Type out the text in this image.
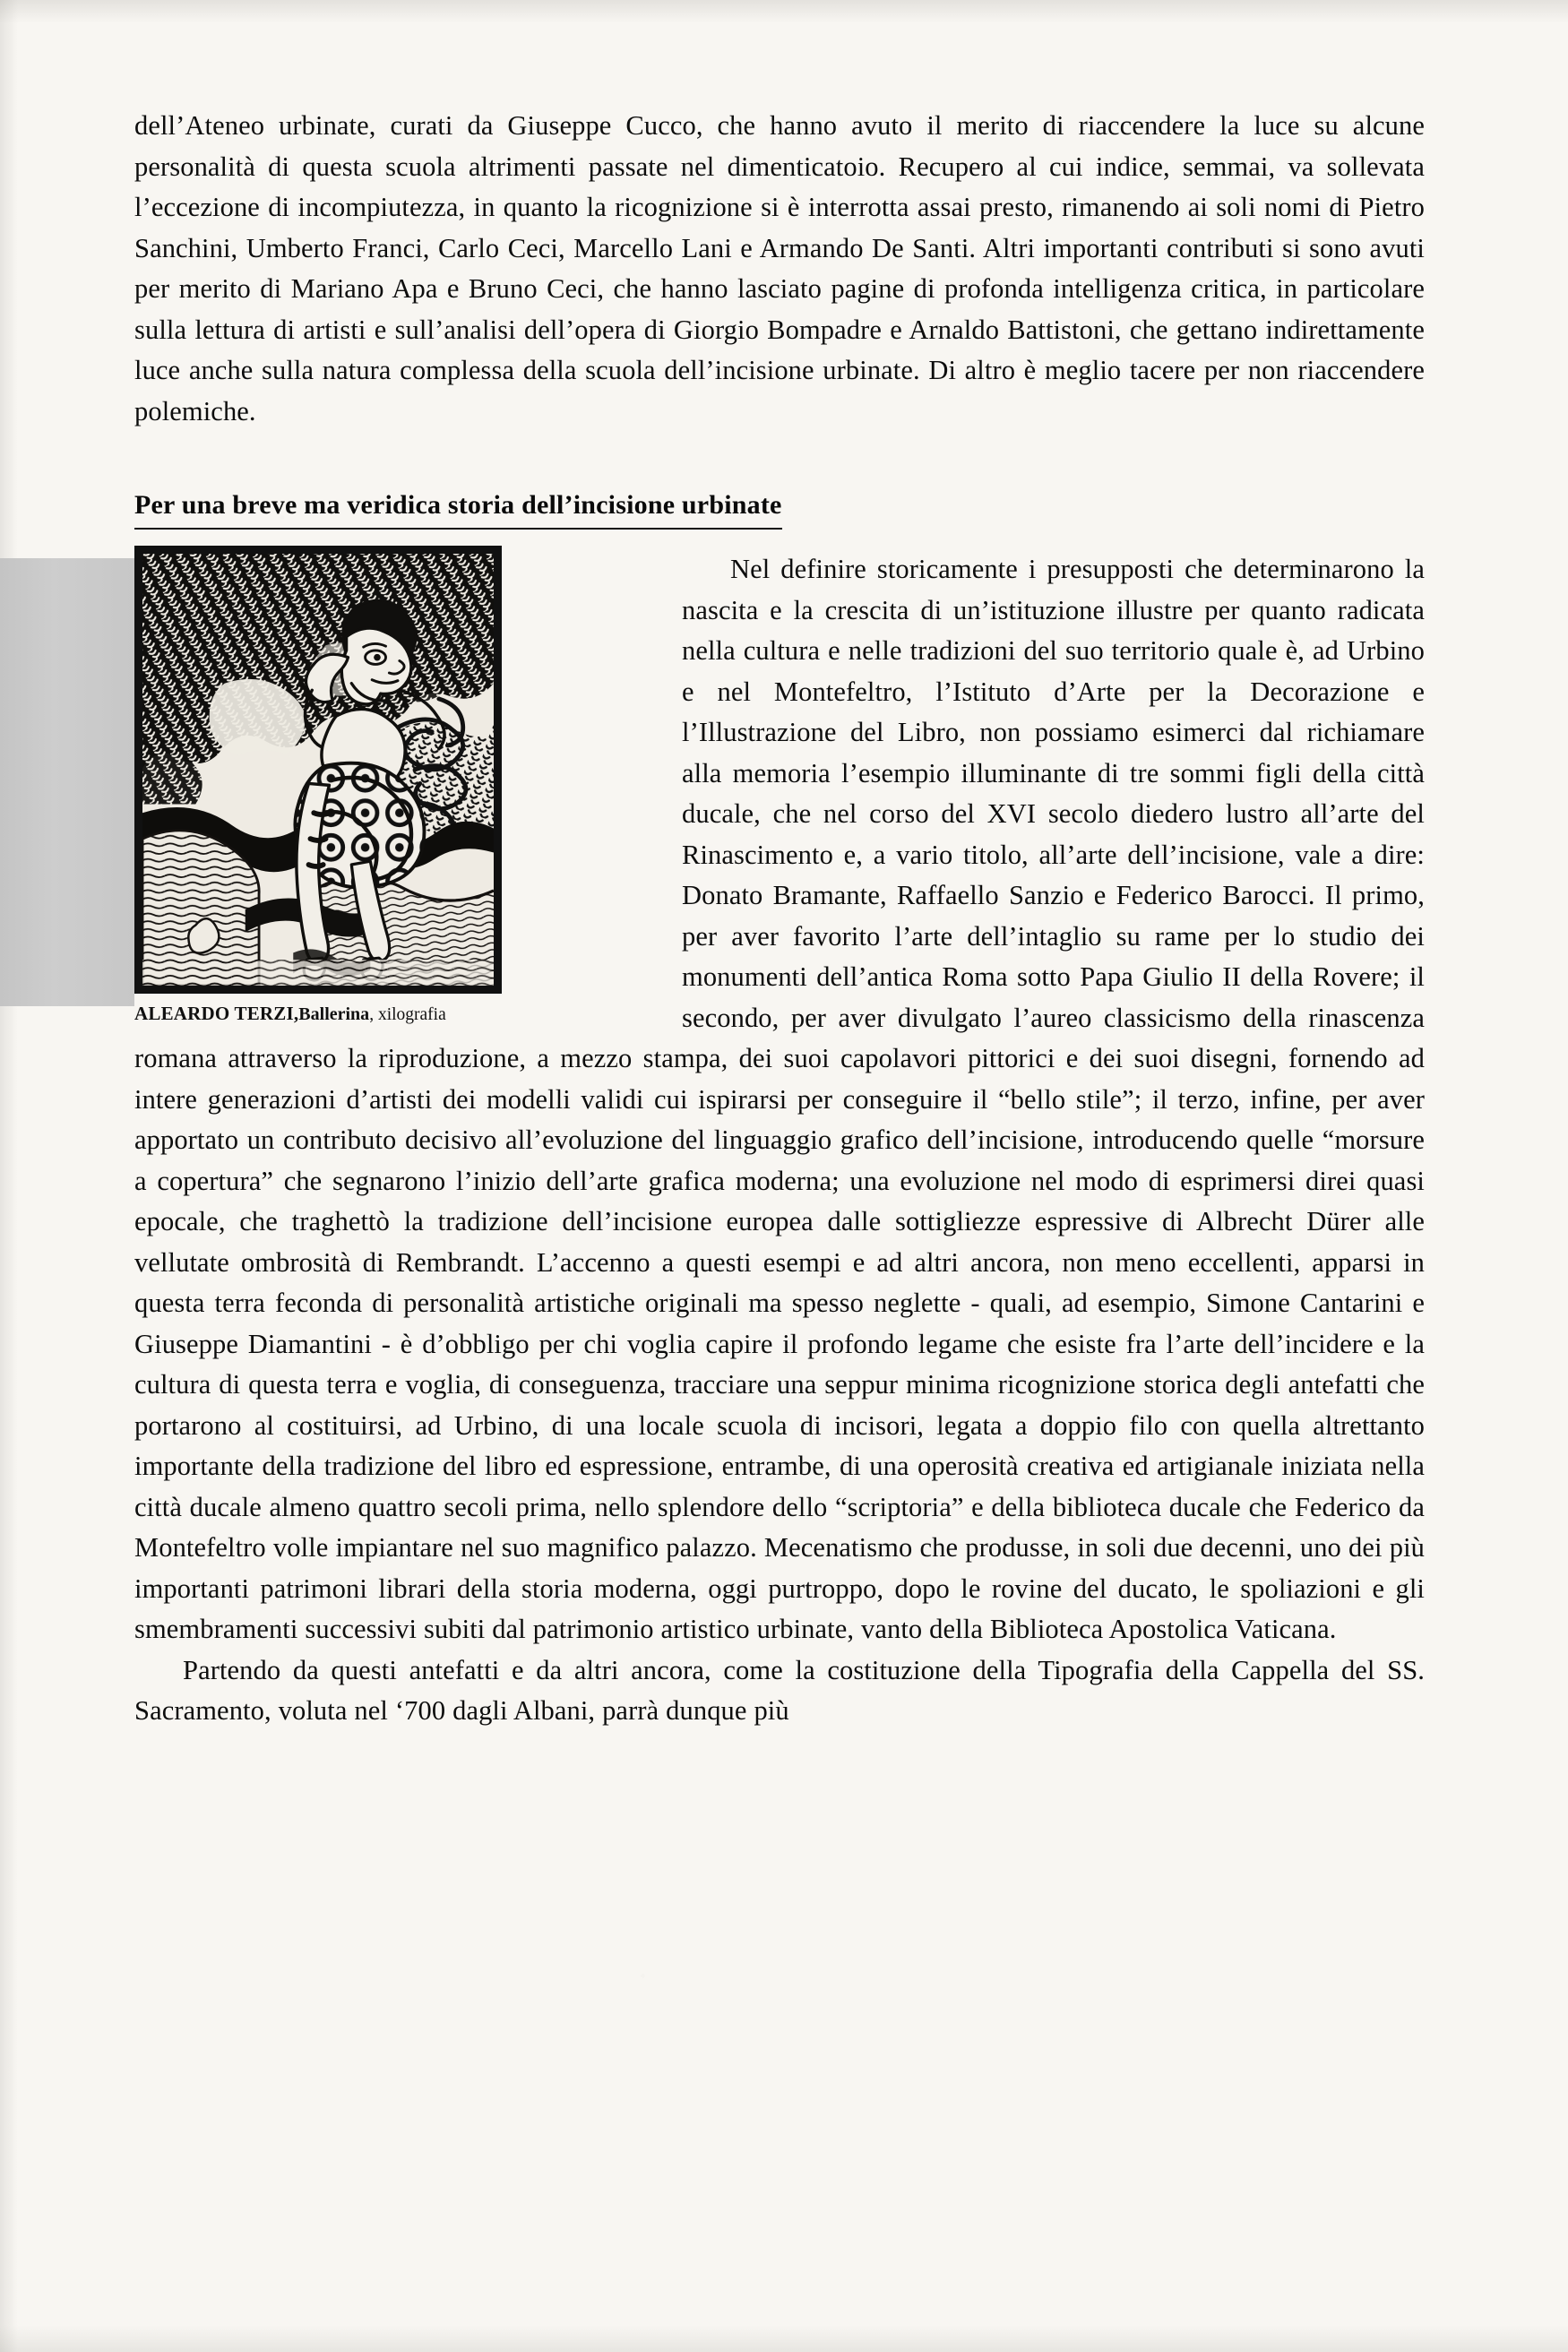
dell’Ateneo urbinate, curati da Giuseppe Cucco, che hanno avuto il merito di riaccendere la luce su alcune personalità di questa scuola altrimenti passate nel dimenticatoio. Recupero al cui indice, semmai, va sollevata l’eccezione di incompiutezza, in quanto la ricognizione si è interrotta assai presto, rimanendo ai soli nomi di Pietro Sanchini, Umberto Franci, Carlo Ceci, Marcello Lani e Armando De Santi. Altri importanti contributi si sono avuti per merito di Mariano Apa e Bruno Ceci, che hanno lasciato pagine di profonda intelligenza critica, in particolare sulla lettura di artisti e sull’analisi dell’opera di Giorgio Bompadre e Arnaldo Battistoni, che gettano indirettamente luce anche sulla natura complessa della scuola dell’incisione urbinate. Di altro è meglio tacere per non riaccendere polemiche.

Per una breve ma veridica storia dell’incisione urbinate
ALEARDO TERZI,Ballerina, xilografia

Nel definire storicamente i presupposti che determinarono la nascita e la crescita di un’istituzione illustre per quanto radicata nella cultura e nelle tradizioni del suo territorio quale è, ad Urbino e nel Montefeltro, l’Istituto d’Arte per la Decorazione e l’Illustrazione del Libro, non possiamo esimerci dal richiamare alla memoria l’esempio illuminante di tre sommi figli della città ducale, che nel corso del XVI secolo diedero lustro all’arte del Rinascimento e, a vario titolo, all’arte dell’incisione, vale a dire: Donato Bramante, Raffaello Sanzio e Federico Barocci. Il primo, per aver favorito l’arte dell’intaglio su rame per lo studio dei monumenti dell’antica Roma sotto Papa Giulio II della Rovere; il secondo, per aver divulgato l’aureo classicismo della rinascenza romana attraverso la riproduzione, a mezzo stampa, dei suoi capolavori pittorici e dei suoi disegni, fornendo ad intere generazioni d’artisti dei modelli validi cui ispirarsi per conseguire il “bello stile”; il terzo, infine, per aver apportato un contributo decisivo all’evoluzione del linguaggio grafico dell’incisione, introducendo quelle “morsure a copertura” che segnarono l’inizio dell’arte grafica moderna; una evoluzione nel modo di esprimersi direi quasi epocale, che traghettò la tradizione dell’incisione europea dalle sottigliezze espressive di Albrecht Dürer alle vellutate ombrosità di Rembrandt. L’accenno a questi esempi e ad altri ancora, non meno eccellenti, apparsi in questa terra feconda di personalità artistiche originali ma spesso neglette - quali, ad esempio, Simone Cantarini e Giuseppe Diamantini - è d’obbligo per chi voglia capire il profondo legame che esiste fra l’arte dell’incidere e la cultura di questa terra e voglia, di conseguenza, tracciare una seppur minima ricognizione storica degli antefatti che portarono al costituirsi, ad Urbino, di una locale scuola di incisori, legata a doppio filo con quella altrettanto importante della tradizione del libro ed espressione, entrambe, di una operosità creativa ed artigianale iniziata nella città ducale almeno quattro secoli prima, nello splendore dello “scriptoria” e della biblioteca ducale che Federico da Montefeltro volle impiantare nel suo magnifico palazzo. Mecenatismo che produsse, in soli due decenni, uno dei più importanti patrimoni librari della storia moderna, oggi purtroppo, dopo le rovine del ducato, le spoliazioni e gli smembramenti successivi subiti dal patrimonio artistico urbinate, vanto della Biblioteca Apostolica Vaticana.

Partendo da questi antefatti e da altri ancora, come la costituzione della Tipografia della Cappella del SS. Sacramento, voluta nel ‘700 dagli Albani, parrà dunque più
